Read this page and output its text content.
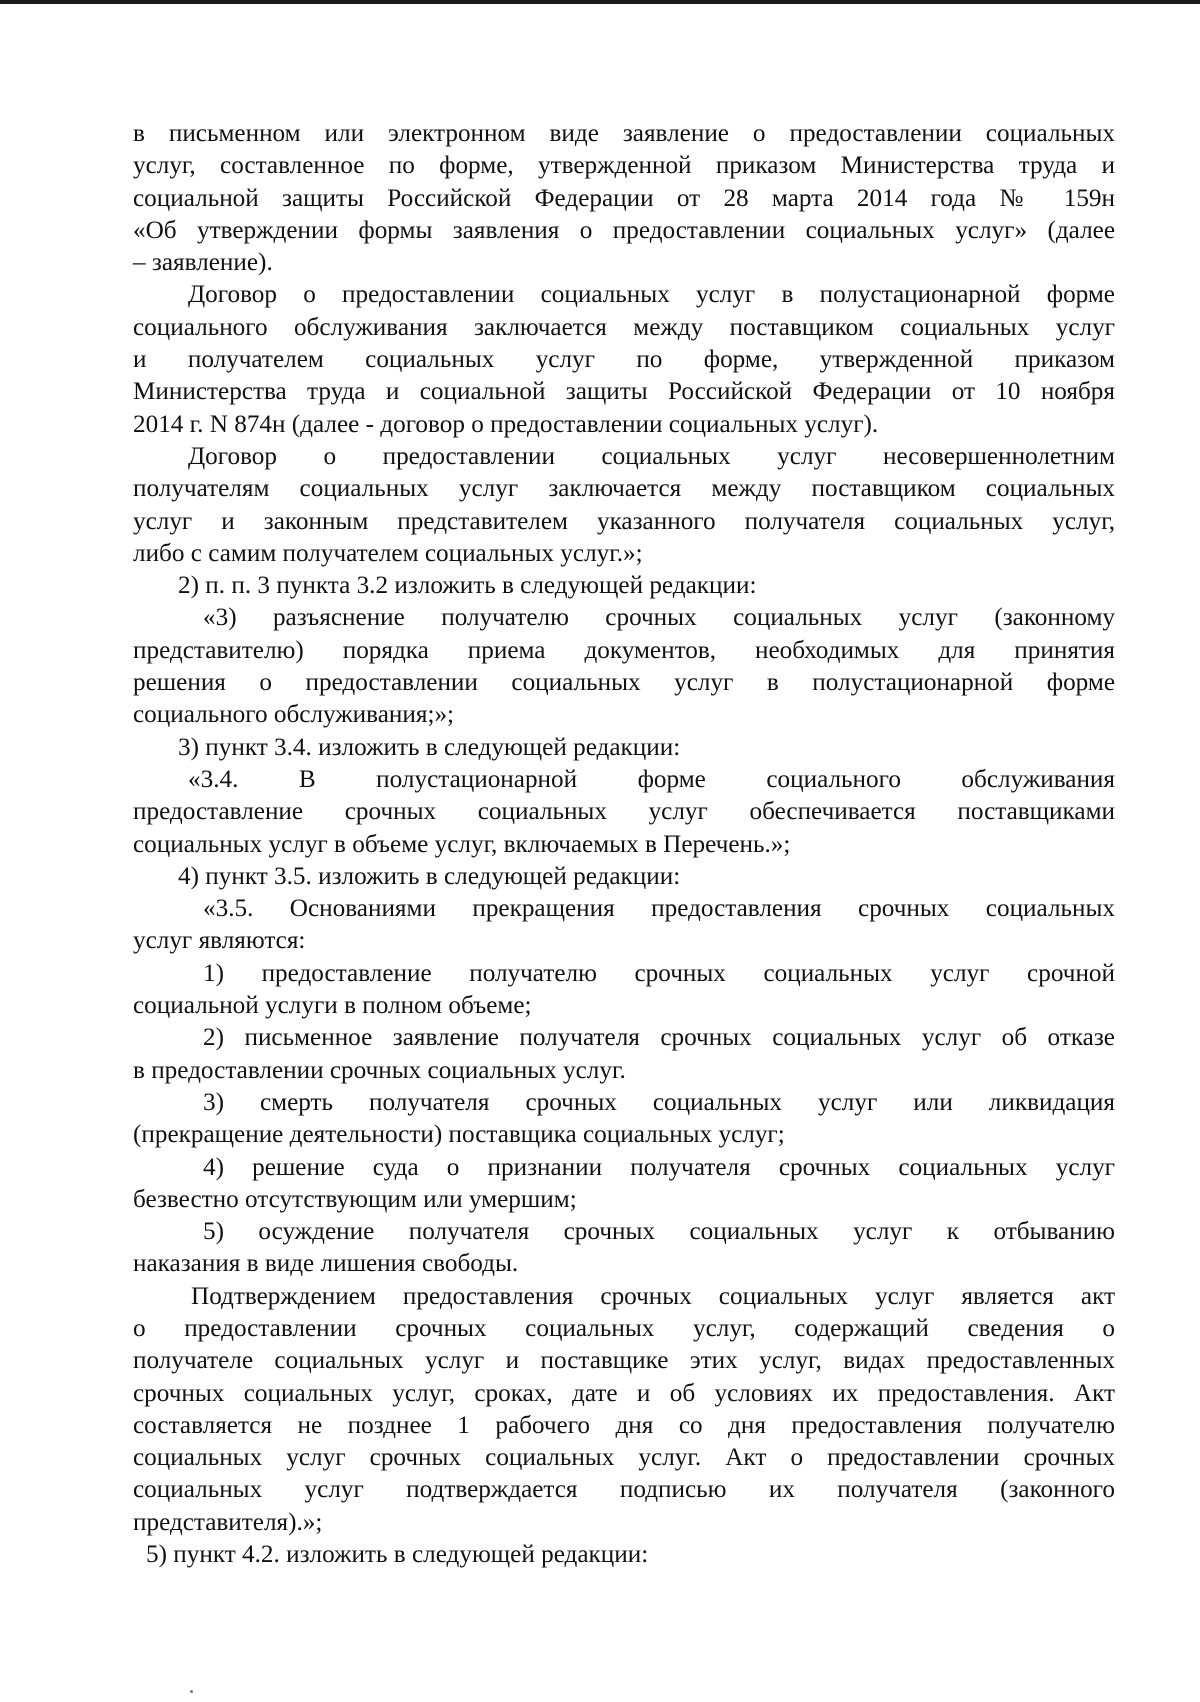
в письменном или электронном виде заявление о предоставлении социальных
услуг, составленное по форме, утвержденной приказом Министерства труда и
социальной защиты Российской Федерации от 28 марта 2014 года № 159н
«Об утверждении формы заявления о предоставлении социальных услуг» (далее
– заявление).
Договор о предоставлении социальных услуг в полустационарной форме
социального обслуживания заключается между поставщиком социальных услуг
и получателем социальных услуг по форме, утвержденной приказом
Министерства труда и социальной защиты Российской Федерации от 10 ноября
2014 г. N 874н (далее - договор о предоставлении социальных услуг).
Договор о предоставлении социальных услуг несовершеннолетним
получателям социальных услуг заключается между поставщиком социальных
услуг и законным представителем указанного получателя социальных услуг,
либо с самим получателем социальных услуг.»;
2) п. п. 3 пункта 3.2 изложить в следующей редакции:
«3) разъяснение получателю срочных социальных услуг (законному
представителю) порядка приема документов, необходимых для принятия
решения о предоставлении социальных услуг в полустационарной форме
социального обслуживания;»;
3) пункт 3.4. изложить в следующей редакции:
«3.4. В полустационарной форме социального обслуживания
предоставление срочных социальных услуг обеспечивается поставщиками
социальных услуг в объеме услуг, включаемых в Перечень.»;
4) пункт 3.5. изложить в следующей редакции:
«3.5. Основаниями прекращения предоставления срочных социальных
услуг являются:
1) предоставление получателю срочных социальных услуг срочной
социальной услуги в полном объеме;
2) письменное заявление получателя срочных социальных услуг об отказе
в предоставлении срочных социальных услуг.
3) смерть получателя срочных социальных услуг или ликвидация
(прекращение деятельности) поставщика социальных услуг;
4) решение суда о признании получателя срочных социальных услуг
безвестно отсутствующим или умершим;
5) осуждение получателя срочных социальных услуг к отбыванию
наказания в виде лишения свободы.
Подтверждением предоставления срочных социальных услуг является акт
о предоставлении срочных социальных услуг, содержащий сведения о
получателе социальных услуг и поставщике этих услуг, видах предоставленных
срочных социальных услуг, сроках, дате и об условиях их предоставления. Акт
составляется не позднее 1 рабочего дня со дня предоставления получателю
социальных услуг срочных социальных услуг. Акт о предоставлении срочных
социальных услуг подтверждается подписью их получателя (законного
представителя).»;
5) пункт 4.2. изложить в следующей редакции:
